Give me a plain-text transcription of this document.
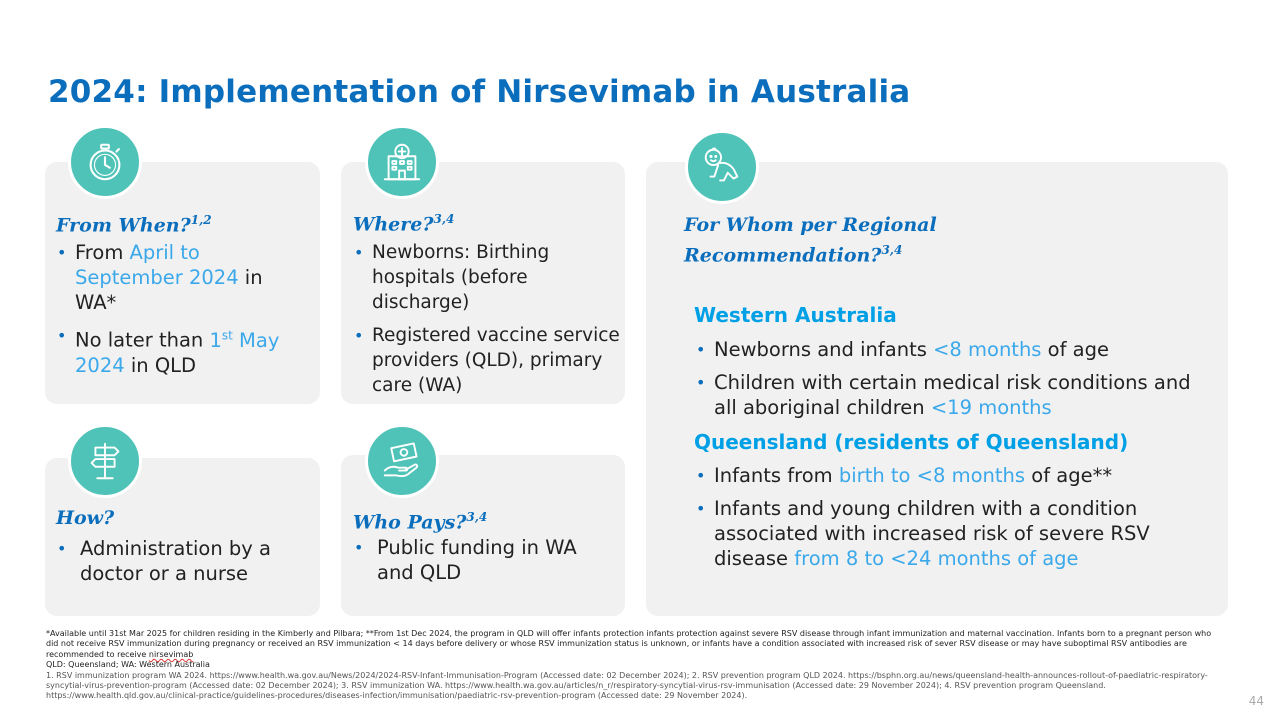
2024: Implementation of Nirsevimab in Australia
From When?$^{1,2}$
• From April to September 2024 in WA*
• No later than 1st May 2024 in QLD
Where?$^{3,4}$
• Newborns: Birthing hospitals (before discharge)
• Registered vaccine service providers (QLD), primary care (WA)
How?
• Administration by a doctor or a nurse
Who Pays?$^{3,4}$
• Public funding in WA and QLD
For Whom per Regional
Recommendation?$^{3,4}$
Western Australia
• Newborns and infants <8 months of age
• Children with certain medical risk conditions and all aboriginal children <19 months
Queensland (residents of Queensland)
• Infants from birth to <8 months of age**
• Infants and young children with a condition associated with increased risk of severe RSV disease from 8 to <24 months of age
*Available until 31st Mar 2025 for children residing in the Kimberly and Pilbara; **From 1st Dec 2024, the program in QLD will offer infants protection infants protection against severe RSV disease through infant immunization and maternal vaccination. Infants born to a pregnant person who did not receive RSV immunization during pregnancy or received an RSV immunization < 14 days before delivery or whose RSV immunization status is unknown, or infants have a condition associated with increased risk of sever RSV disease or may have suboptimal RSV antibodies are recommended to receive nirsevimab
QLD: Queensland; WA: Western Australia
1. RSV immunization program WA 2024. https://www.health.wa.gov.au/News/2024/2024-RSV-Infant-Immunisation-Program (Accessed date: 02 December 2024); 2. RSV prevention program QLD 2024. https://bsphn.org.au/news/queensland-health-announces-rollout-of-paediatric-respiratory-syncytial-virus-prevention-program (Accessed date: 02 December 2024); 3. RSV immunization WA. https://www.health.wa.gov.au/articles/n_r/respiratory-syncytial-virus-rsv-immunisation (Accessed date: 29 November 2024); 4. RSV prevention program Queensland. https://www.health.qld.gov.au/clinical-practice/guidelines-procedures/diseases-infection/immunisation/paediatric-rsv-prevention-program (Accessed date: 29 November 2024).	44
